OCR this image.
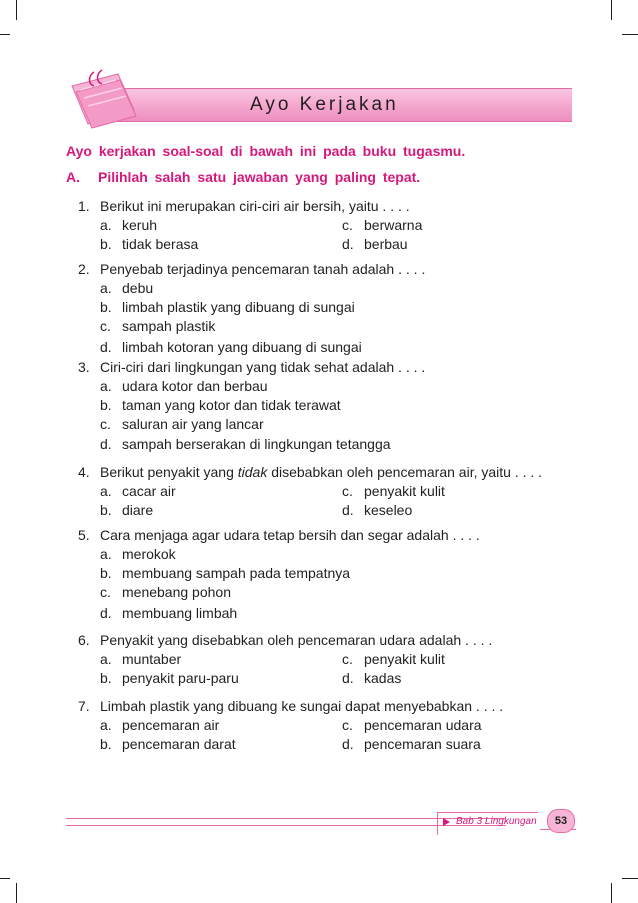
Ayo Kerjakan
Ayo kerjakan soal-soal di bawah ini pada buku tugasmu.
A. Pilihlah salah satu jawaban yang paling tepat.
1. Berikut ini merupakan ciri-ciri air bersih, yaitu . . . .
a. keruh	c. berwarna
b. tidak berasa	d. berbau
2. Penyebab terjadinya pencemaran tanah adalah . . . .
a. debu
b. limbah plastik yang dibuang di sungai
c. sampah plastik
d. limbah kotoran yang dibuang di sungai
3. Ciri-ciri dari lingkungan yang tidak sehat adalah . . . .
a. udara kotor dan berbau
b. taman yang kotor dan tidak terawat
c. saluran air yang lancar
d. sampah berserakan di lingkungan tetangga
4. Berikut penyakit yang tidak disebabkan oleh pencemaran air, yaitu . . . .
a. cacar air	c. penyakit kulit
b. diare	d. keseleo
5. Cara menjaga agar udara tetap bersih dan segar adalah . . . .
a. merokok
b. membuang sampah pada tempatnya
c. menebang pohon
d. membuang limbah
6. Penyakit yang disebabkan oleh pencemaran udara adalah . . . .
a. muntaber	c. penyakit kulit
b. penyakit paru-paru	d. kadas
7. Limbah plastik yang dibuang ke sungai dapat menyebabkan . . . .
a. pencemaran air	c. pencemaran udara
b. pencemaran darat	d. pencemaran suara
Bab 3 Lingkungan	53
